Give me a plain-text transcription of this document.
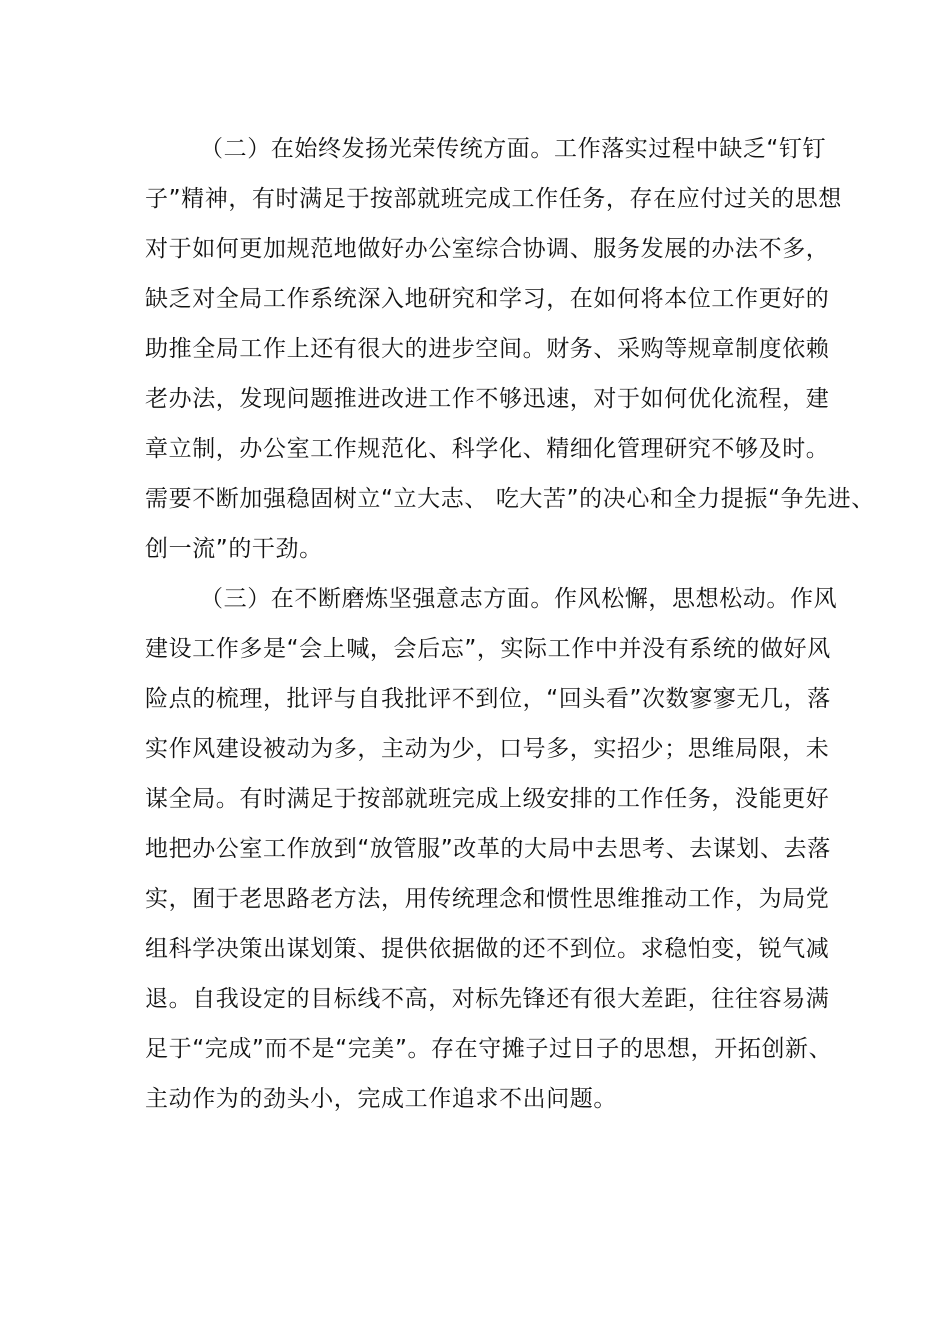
（二）在始终发扬光荣传统方面。工作落实过程中缺乏“钉钉
子”精神，有时满足于按部就班完成工作任务，存在应付过关的思想
对于如何更加规范地做好办公室综合协调、服务发展的办法不多，
缺乏对全局工作系统深入地研究和学习，在如何将本位工作更好的
助推全局工作上还有很大的进步空间。财务、采购等规章制度依赖
老办法，发现问题推进改进工作不够迅速，对于如何优化流程，建
章立制，办公室工作规范化、科学化、精细化管理研究不够及时。
需要不断加强稳固树立“立大志、 吃大苦”的决心和全力提振“争先进、
创一流”的干劲。
（三）在不断磨炼坚强意志方面。作风松懈，思想松动。作风
建设工作多是“会上喊，会后忘”，实际工作中并没有系统的做好风
险点的梳理，批评与自我批评不到位，“回头看”次数寥寥无几，落
实作风建设被动为多，主动为少，口号多，实招少；思维局限，未
谋全局。有时满足于按部就班完成上级安排的工作任务，没能更好
地把办公室工作放到“放管服”改革的大局中去思考、去谋划、去落
实，囿于老思路老方法，用传统理念和惯性思维推动工作，为局党
组科学决策出谋划策、提供依据做的还不到位。求稳怕变，锐气减
退。自我设定的目标线不高，对标先锋还有很大差距，往往容易满
足于“完成”而不是“完美”。存在守摊子过日子的思想，开拓创新、
主动作为的劲头小，完成工作追求不出问题。
